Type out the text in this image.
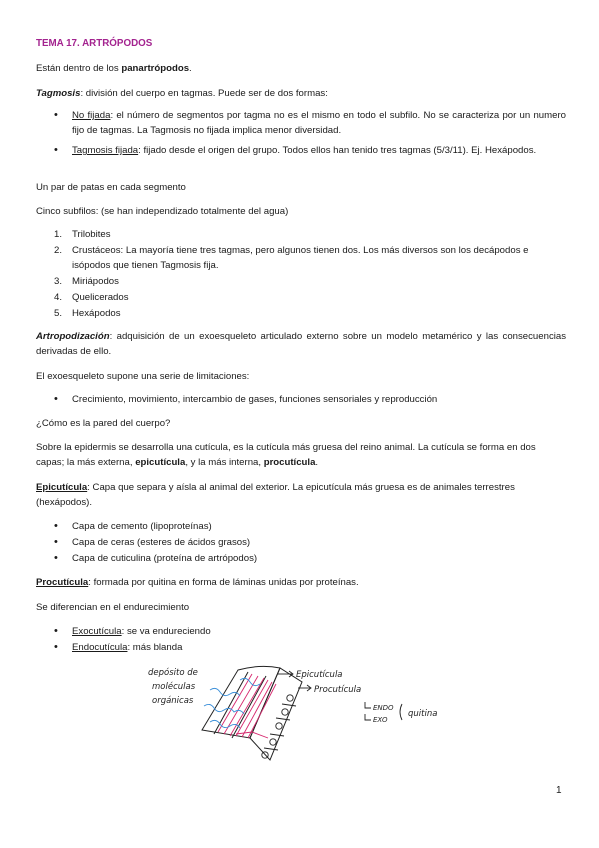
TEMA 17. ARTRÓPODOS

Están dentro de los panartrópodos.

Tagmosis: división del cuerpo en tagmas. Puede ser de dos formas:

• No fijada: el número de segmentos por tagma no es el mismo en todo el subfilo. No se caracteriza por un numero fijo de tagmas. La Tagmosis no fijada implica menor diversidad.
• Tagmosis fijada: fijado desde el origen del grupo. Todos ellos han tenido tres tagmas (5/3/11). Ej. Hexápodos.

Un par de patas en cada segmento

Cinco subfilos: (se han independizado totalmente del agua)

1. Trilobites
2. Crustáceos: La mayoría tiene tres tagmas, pero algunos tienen dos. Los más diversos son los decápodos e isópodos que tienen Tagmosis fija.
3. Miriápodos
4. Quelicerados
5. Hexápodos

Artropodización: adquisición de un exoesqueleto articulado externo sobre un modelo metamérico y las consecuencias derivadas de ello.

El exoesqueleto supone una serie de limitaciones:

• Crecimiento, movimiento, intercambio de gases, funciones sensoriales y reproducción

¿Cómo es la pared del cuerpo?

Sobre la epidermis se desarrolla una cutícula, es la cutícula más gruesa del reino animal. La cutícula se forma en dos capas; la más externa, epicutícula, y la más interna, procutícula.

Epicutícula: Capa que separa y aísla al animal del exterior. La epicutícula más gruesa es de animales terrestres (hexápodos).

• Capa de cemento (lipoproteínas)
• Capa de ceras (esteres de ácidos grasos)
• Capa de cuticulina (proteína de artrópodos)

Procutícula: formada por quitina en forma de láminas unidas por proteínas.

Se diferencian en el endurecimiento

• Exocutícula: se va endureciendo
• Endocutícula: más blanda
depósito de
moléculas
orgánicas
Epicutícula
Procutícula
ENDO
EXO
quitina
1
